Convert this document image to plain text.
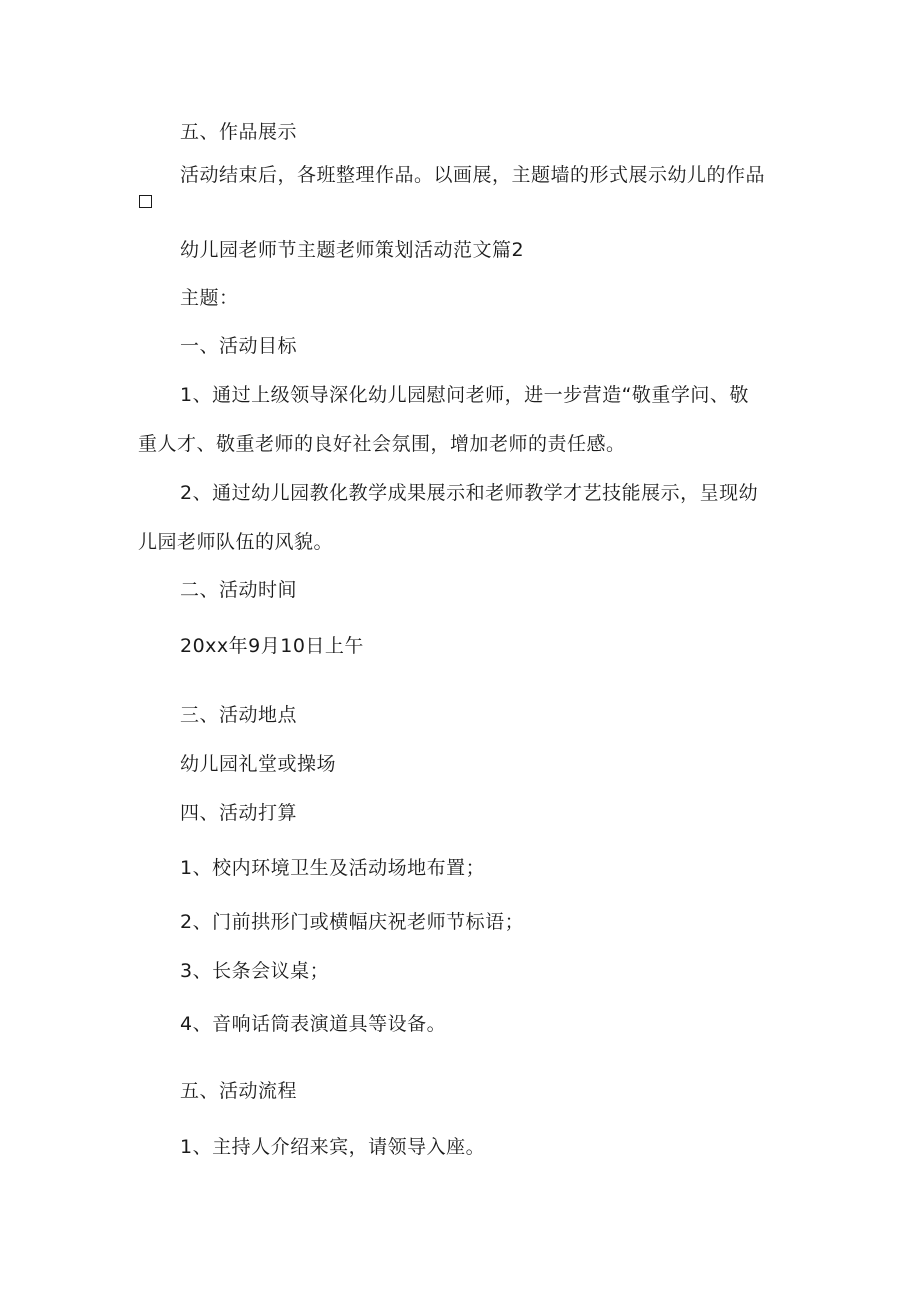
五、作品展示
活动结束后，各班整理作品。以画展，主题墙的形式展示幼儿的作品
幼儿园老师节主题老师策划活动范文篇2
主题：
一、活动目标
1、通过上级领导深化幼儿园慰问老师，进一步营造“敬重学问、敬
重人才、敬重老师的良好社会氛围，增加老师的责任感。
2、通过幼儿园教化教学成果展示和老师教学才艺技能展示，呈现幼
儿园老师队伍的风貌。
二、活动时间
20xx年9月10日上午
三、活动地点
幼儿园礼堂或操场
四、活动打算
1、校内环境卫生及活动场地布置；
2、门前拱形门或横幅庆祝老师节标语；
3、长条会议桌；
4、音响话筒表演道具等设备。
五、活动流程
1、主持人介绍来宾，请领导入座。
